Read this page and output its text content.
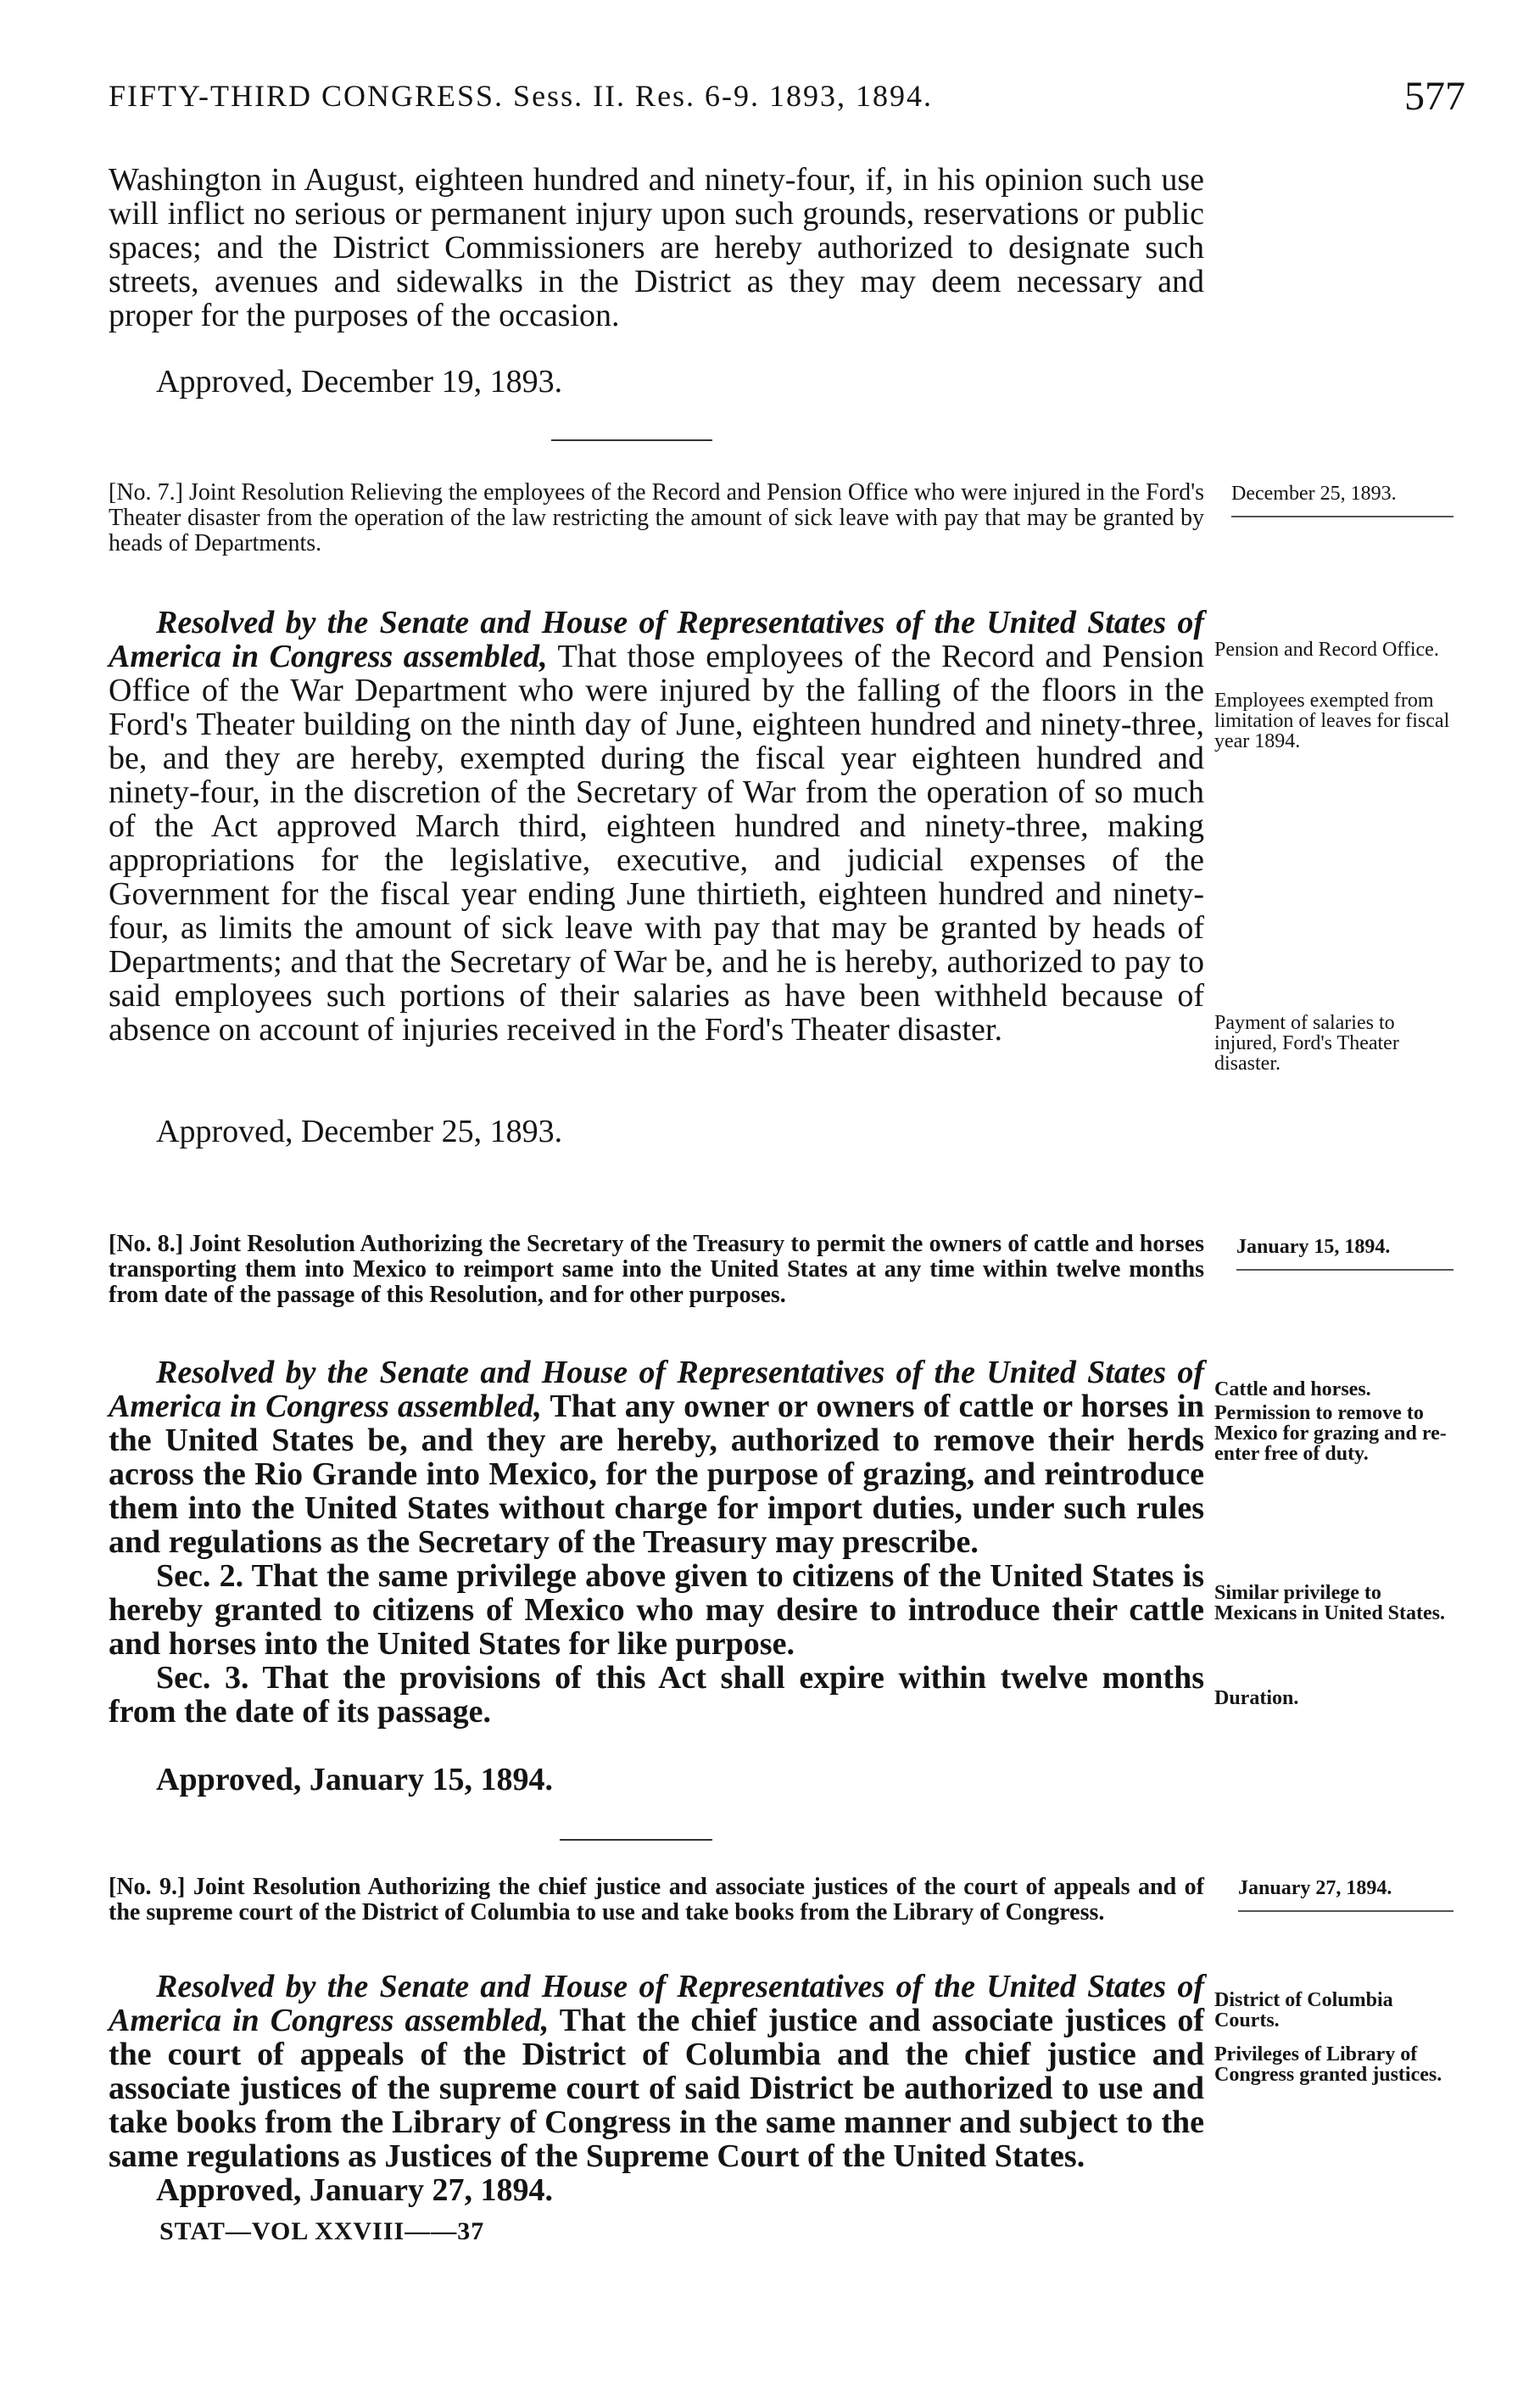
FIFTY-THIRD CONGRESS. Sess. II. Res. 6-9. 1893, 1894.	577

Washington in August, eighteen hundred and ninety-four, if, in his opinion such use will inflict no serious or permanent injury upon such grounds, reservations or public spaces; and the District Commissioners are hereby authorized to designate such streets, avenues and sidewalks in the District as they may deem necessary and proper for the purposes of the occasion.

Approved, December 19, 1893.
[No. 7.] Joint Resolution Relieving the employees of the Record and Pension Office who were injured in the Ford's Theater disaster from the operation of the law restricting the amount of sick leave with pay that may be granted by heads of Departments.
December 25, 1893.

Resolved by the Senate and House of Representatives of the United States of America in Congress assembled, That those employees of the Record and Pension Office of the War Department who were injured by the falling of the floors in the Ford's Theater building on the ninth day of June, eighteen hundred and ninety-three, be, and they are hereby, exempted during the fiscal year eighteen hundred and ninety-four, in the discretion of the Secretary of War from the operation of so much of the Act approved March third, eighteen hundred and ninety-three, making appropriations for the legislative, executive, and judicial expenses of the Government for the fiscal year ending June thirtieth, eighteen hundred and ninety-four, as limits the amount of sick leave with pay that may be granted by heads of Departments; and that the Secretary of War be, and he is hereby, authorized to pay to said employees such portions of their salaries as have been withheld because of absence on account of injuries received in the Ford's Theater disaster.

Approved, December 25, 1893.
Pension and Record Office.
Employees exempted from limitation of leaves for fiscal year 1894.
Payment of salaries to injured, Ford's Theater disaster.
[No. 8.] Joint Resolution Authorizing the Secretary of the Treasury to permit the owners of cattle and horses transporting them into Mexico to reimport same into the United States at any time within twelve months from date of the passage of this Resolution, and for other purposes.
January 15, 1894.

Resolved by the Senate and House of Representatives of the United States of America in Congress assembled, That any owner or owners of cattle or horses in the United States be, and they are hereby, authorized to remove their herds across the Rio Grande into Mexico, for the purpose of grazing, and reintroduce them into the United States without charge for import duties, under such rules and regulations as the Secretary of the Treasury may prescribe.

Sec. 2. That the same privilege above given to citizens of the United States is hereby granted to citizens of Mexico who may desire to introduce their cattle and horses into the United States for like purpose.

Sec. 3. That the provisions of this Act shall expire within twelve months from the date of its passage.

Approved, January 15, 1894.
Cattle and horses.
Permission to remove to Mexico for grazing and re-enter free of duty.
Similar privilege to Mexicans in United States.
Duration.
[No. 9.] Joint Resolution Authorizing the chief justice and associate justices of the court of appeals and of the supreme court of the District of Columbia to use and take books from the Library of Congress.
January 27, 1894.

Resolved by the Senate and House of Representatives of the United States of America in Congress assembled, That the chief justice and associate justices of the court of appeals of the District of Columbia and the chief justice and associate justices of the supreme court of said District be authorized to use and take books from the Library of Congress in the same manner and subject to the same regulations as Justices of the Supreme Court of the United States.

Approved, January 27, 1894.
District of Columbia Courts.
Privileges of Library of Congress granted justices.
STAT—VOL XXVIII——37
